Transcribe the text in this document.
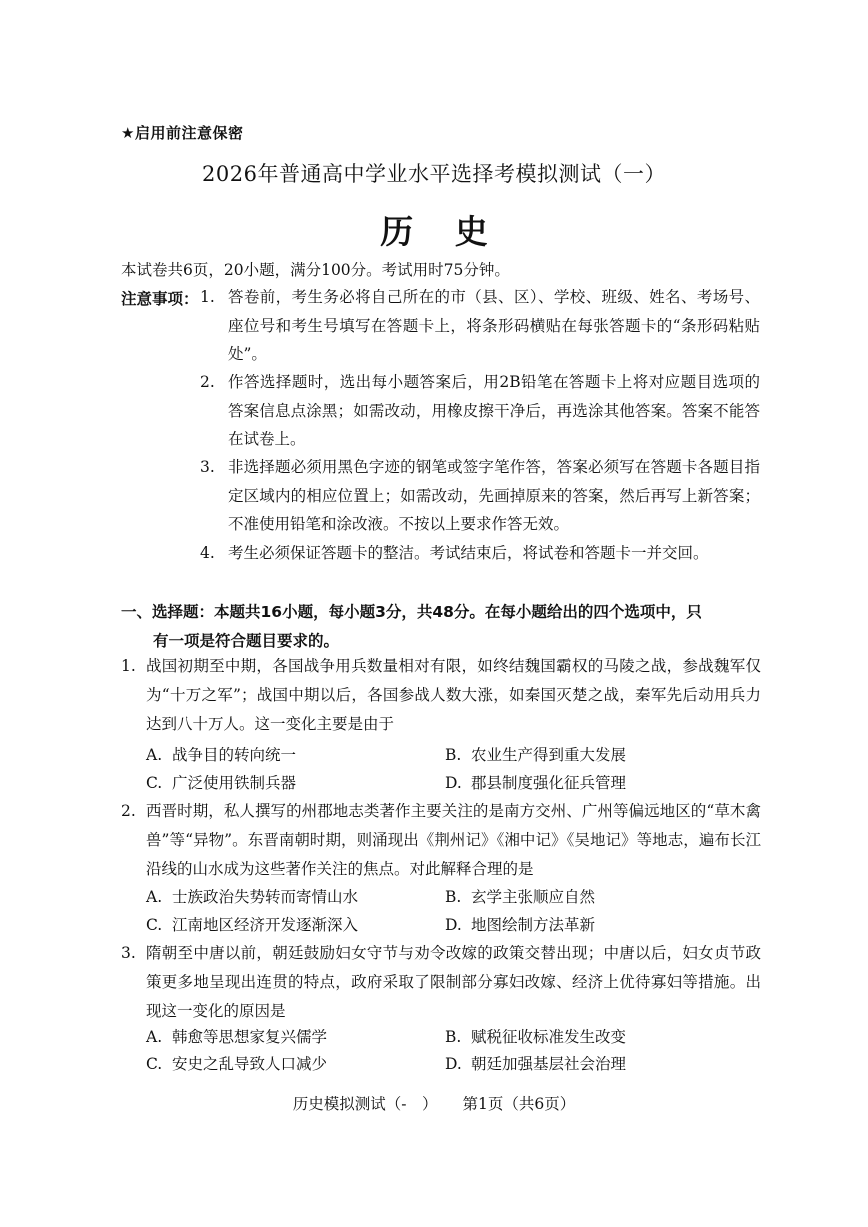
★启用前注意保密
2026年普通高中学业水平选择考模拟测试（一）
历 史
本试卷共6页，20小题，满分100分。考试用时75分钟。
注意事项： 1. 答卷前，考生务必将自己所在的市（县、区）、学校、班级、姓名、考场号、座位号和考生号填写在答题卡上，将条形码横贴在每张答题卡的“条形码粘贴处”。
2. 作答选择题时，选出每小题答案后，用2B铅笔在答题卡上将对应题目选项的答案信息点涂黑；如需改动，用橡皮擦干净后，再选涂其他答案。答案不能答在试卷上。
3. 非选择题必须用黑色字迹的钢笔或签字笔作答，答案必须写在答题卡各题目指定区域内的相应位置上；如需改动，先画掉原来的答案，然后再写上新答案；不准使用铅笔和涂改液。不按以上要求作答无效。
4. 考生必须保证答题卡的整洁。考试结束后，将试卷和答题卡一并交回。
一、选择题：本题共16小题，每小题3分，共48分。在每小题给出的四个选项中，只
有一项是符合题目要求的。
1. 战国初期至中期，各国战争用兵数量相对有限，如终结魏国霸权的马陵之战，参战魏军仅为“十万之军”；战国中期以后，各国参战人数大涨，如秦国灭楚之战，秦军先后动用兵力达到八十万人。这一变化主要是由于
A. 战争目的转向统一	B. 农业生产得到重大发展
C. 广泛使用铁制兵器	D. 郡县制度强化征兵管理
2. 西晋时期，私人撰写的州郡地志类著作主要关注的是南方交州、广州等偏远地区的“草木禽兽”等“异物”。东晋南朝时期，则涌现出《荆州记》《湘中记》《吴地记》等地志，遍布长江沿线的山水成为这些著作关注的焦点。对此解释合理的是
A. 士族政治失势转而寄情山水	B. 玄学主张顺应自然
C. 江南地区经济开发逐渐深入	D. 地图绘制方法革新
3. 隋朝至中唐以前，朝廷鼓励妇女守节与劝令改嫁的政策交替出现；中唐以后，妇女贞节政策更多地呈现出连贯的特点，政府采取了限制部分寡妇改嫁、经济上优待寡妇等措施。出现这一变化的原因是
A. 韩愈等思想家复兴儒学	B. 赋税征收标准发生改变
C. 安史之乱导致人口减少	D. 朝廷加强基层社会治理
历史模拟测试（-　） 第1页（共6页）
